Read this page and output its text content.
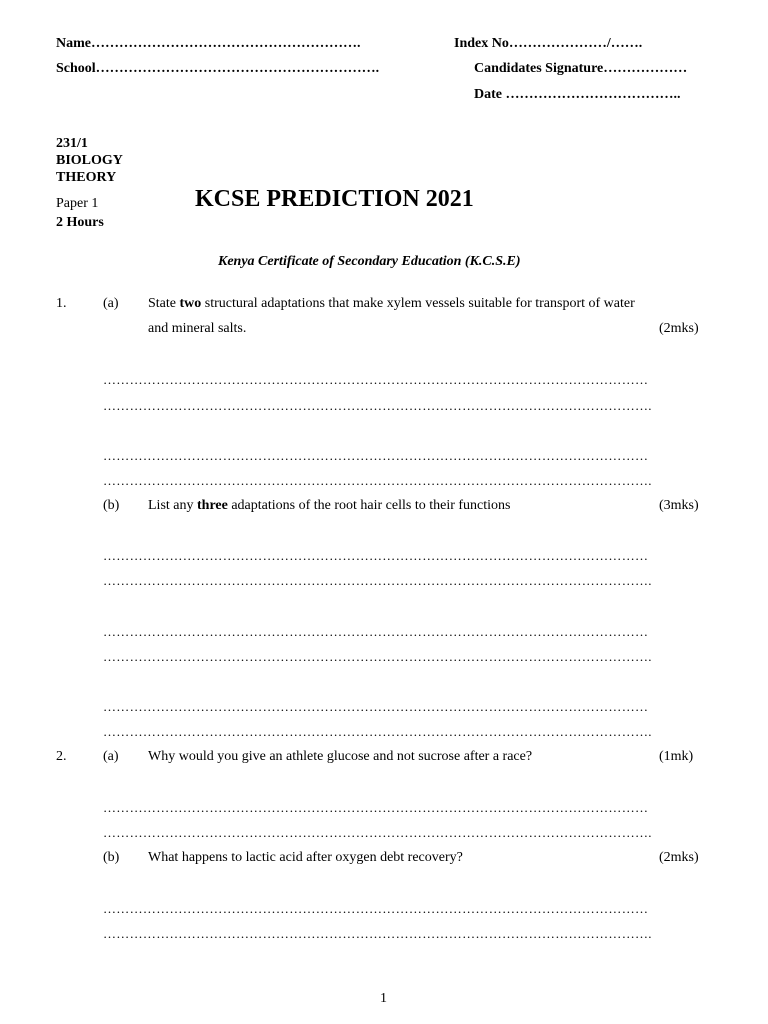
Name………………………………………………….	Index No…………………/…….
School…………………………………………………….	Candidates Signature………………
Date ………………………………..
231/1
BIOLOGY
THEORY
Paper 1
2 Hours
KCSE PREDICTION 2021
Kenya Certificate of Secondary Education (K.C.S.E)
1.	(a) State two structural adaptations that make xylem vessels suitable for transport of water
and mineral salts.	(2mks)
……………………………………………………………………………………………………………
…………………………………………………………………………………………………………….
……………………………………………………………………………………………………………
…………………………………………………………………………………………………………….
(b) List any three adaptations of the root hair cells to their functions	(3mks)
……………………………………………………………………………………………………………
…………………………………………………………………………………………………………….
……………………………………………………………………………………………………………
…………………………………………………………………………………………………………….
……………………………………………………………………………………………………………
…………………………………………………………………………………………………………….
2.	(a) Why would you give an athlete glucose and not sucrose after a race?	(1mk)
……………………………………………………………………………………………………………
…………………………………………………………………………………………………………….
(b) What happens to lactic acid after oxygen debt recovery?	(2mks)
……………………………………………………………………………………………………………
…………………………………………………………………………………………………………….
1
